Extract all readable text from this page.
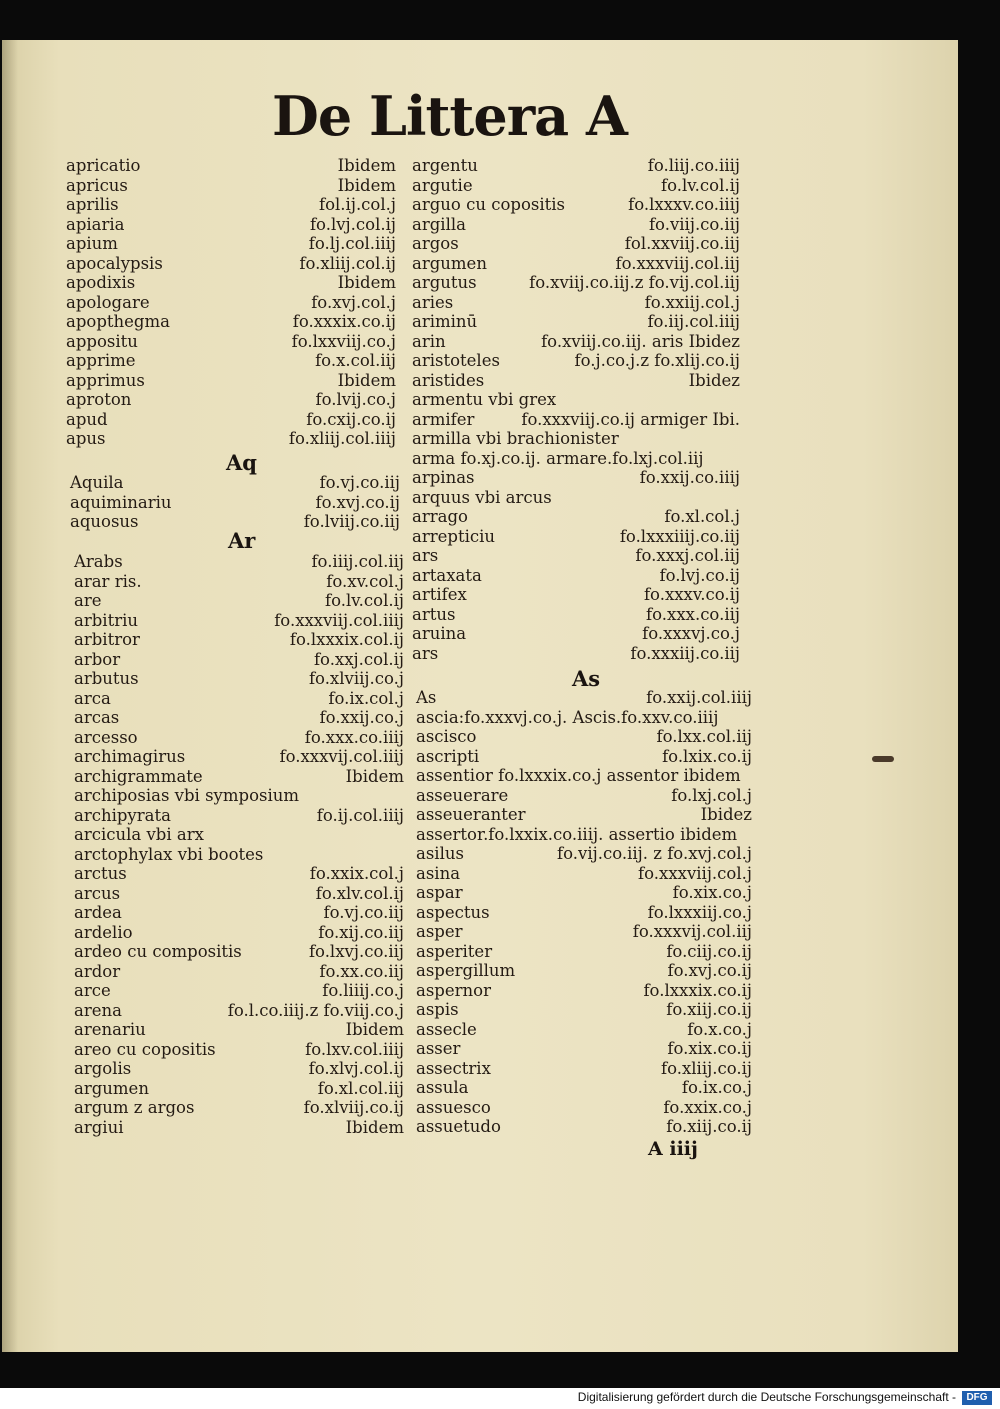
De Littera A
apricatio	Ibidem
apricus	Ibidem
aprilis	fol.ij.col.j
apiaria	fo.lvj.col.ij
apium	fo.lj.col.iiij
apocalypsis	fo.xliij.col.ij
apodixis	Ibidem
apologare	fo.xvj.col.j
apopthegma	fo.xxxix.co.ij
appositu	fo.lxxviij.co.j
apprime	fo.x.col.iij
apprimus	Ibidem
aproton	fo.lvij.co.j
apud	fo.cxij.co.ij
apus	fo.xliij.col.iiij
Aq
Aquila	fo.vj.co.iij
aquiminariu	fo.xvj.co.ij
aquosus	fo.lviij.co.iij
Ar
Arabs	fo.iiij.col.iij
arar ris.	fo.xv.col.j
are	fo.lv.col.ij
arbitriu	fo.xxxviij.col.iiij
arbitror	fo.lxxxix.col.ij
arbor	fo.xxj.col.ij
arbutus	fo.xlviij.co.j
arca	fo.ix.col.j
arcas	fo.xxij.co.j
arcesso	fo.xxx.co.iiij
archimagirus	fo.xxxvij.col.iiij
archigrammate	Ibidem
archiposias vbi symposium
archipyrata	fo.ij.col.iiij
arcicula vbi arx
arctophylax vbi bootes
arctus	fo.xxix.col.j
arcus	fo.xlv.col.ij
ardea	fo.vj.co.iij
ardelio	fo.xij.co.iij
ardeo cu compositis	fo.lxvj.co.iij
ardor	fo.xx.co.iij
arce	fo.liiij.co.j
arena	fo.l.co.iiij.z fo.viij.co.j
arenariu	Ibidem
areo cu copositis	fo.lxv.col.iiij
argolis	fo.xlvj.col.ij
argumen	fo.xl.col.iij
argum z argos	fo.xlviij.co.ij
argiui	Ibidem
argentu	fo.liij.co.iiij
argutie	fo.lv.col.ij
arguo cu copositis	fo.lxxxv.co.iiij
argilla	fo.viij.co.iij
argos	fol.xxviij.co.iij
argumen	fo.xxxviij.col.iij
argutus	fo.xviij.co.iij.z fo.vij.col.iij
aries	fo.xxiij.col.j
ariminū	fo.iij.col.iiij
arin	fo.xviij.co.iij. aris Ibidez
aristoteles	fo.j.co.j.z fo.xlij.co.ij
aristides	Ibidez
armentu vbi grex
armifer	fo.xxxviij.co.ij armiger Ibi.
armilla vbi brachionister
arma fo.xj.co.ij. armare.fo.lxj.col.iij
arpinas	fo.xxij.co.iiij
arquus vbi arcus
arrago	fo.xl.col.j
arrepticiu	fo.lxxxiiij.co.iij
ars	fo.xxxj.col.iij
artaxata	fo.lvj.co.ij
artifex	fo.xxxv.co.ij
artus	fo.xxx.co.iij
aruina	fo.xxxvj.co.j
ars	fo.xxxiij.co.iij
As
As	fo.xxij.col.iiij
ascia:fo.xxxvj.co.j. Ascis.fo.xxv.co.iiij
ascisco	fo.lxx.col.iij
ascripti	fo.lxix.co.ij
assentior fo.lxxxix.co.j assentor ibidem
asseuerare	fo.lxj.col.j
asseueranter	Ibidez
assertor.fo.lxxix.co.iiij. assertio ibidem
asilus	fo.vij.co.iij. z fo.xvj.col.j
asina	fo.xxxviij.col.j
aspar	fo.xix.co.j
aspectus	fo.lxxxiij.co.j
asper	fo.xxxvij.col.iij
asperiter	fo.ciij.co.ij
aspergillum	fo.xvj.co.ij
aspernor	fo.lxxxix.co.ij
aspis	fo.xiij.co.ij
assecle	fo.x.co.j
asser	fo.xix.co.ij
assectrix	fo.xliij.co.ij
assula	fo.ix.co.j
assuesco	fo.xxix.co.j
assuetudo	fo.xiij.co.ij
A iiij
Digitalisierung gefördert durch die Deutsche Forschungsgemeinschaft -	DFG
